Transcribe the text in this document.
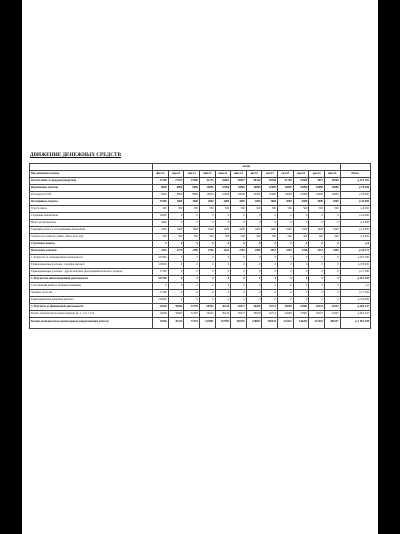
ДВИЖЕНИЕ ДЕНЕЖНЫХ СРЕДСТВ
	месяц												
Вид денежного потока	фев.23	мар.23	апр.23	май.23	июн.23	июл.23	авг.23	сен.23	окт.23	ноя.23	дек.23	янв.24	Итого
Поступление от продажи (выручка)	17100	17675	19500	41275	45863	46897	48330	50556	51290	51698	3875	41000	р.375 182
Переменные затраты	8000	8000	8000	10000	10000	10000	10000	10000	10000	10000	10000	10000	р.78 000
Расходы на ГСМ	8000	8000	8000	10000	10000	10000	10000	10000	10000	10000	10000	10000	р.78 000
Постоянные затраты	17600	2000	2000	2000	2000	2000	2000	2000	2000	2000	2000	2000	р.39 600
Услуги связи	500	500	500	500	500	500	500	500	500	500	500	500	р.6 000
Страховка автомобиля	10000	0	0	0	0	0	0	0	0	0	0	0	р.10 000
Налог на автомобиль	3600	0	0	0	0	0	0	0	0	0	0	0	р.3 600
Текущий ремонт и обслуживание автомобиля	1000	1000	1000	1000	1000	1000	1000	1000	1000	1000	1000	1000	р.12 000
Затраты на подписку (Авито, Юла, Ген.отм)	500	500	500	500	500	500	500	500	500	500	500	500	р.6 000
Страховые взносы	0	0	0	0	0	0	0	0	0	0	0	0	р.0
Налоговые платежи	2230	2275	2380	2760	2821	2762	2900	3013	3330	3356	3215	3300	р.34 373
1. Результат от операционной деятельности	167540	0	0	0	0	0	0	0	0	0	0	0	р.167 390
Единовременные расходы - покупка автомоб	150000	0	0	0	0	0	0	0	0	0	0	0	р.150 000
Единовременные расходы - другие покупки (предпринимательского периода	17390	0	0	0	0	0	0	0	0	0	0	0	р.17 390
2. Результаты инвестиционной деятельности	167390	0	0	0	0	0	0	0	0	0	0	0	р.167 390
Собственный капитал (личные вложения)	0	0	0	0	0	0	0	0	0	0	0	0	р.0
Заемные средства	17390	0	0	0	0	0	0	0	0	0	0	0	р.17 390
Единовременная денежная выплата	150000	0	0	0	0	0	0	0	0	0	0	0	р.150 000
3. Результат от финансовой деятельности	14638	30695	37395	50292	30216	30277	30659	42712	43099	47681	30253	21993	р.405 347
Баланс наличности на конец периода (к. 1 - к.2 + к.3)	14638	30695	31395	56252	30216	30277	30659	42712	43099	47681	30253	21993	р.405 347
Баланс наличности на конец периода (нарастающим итогом)	14638	45333	77433	133887	167993	198176	228832	269534	314422	346203	413210	405247	р.2 602 398
